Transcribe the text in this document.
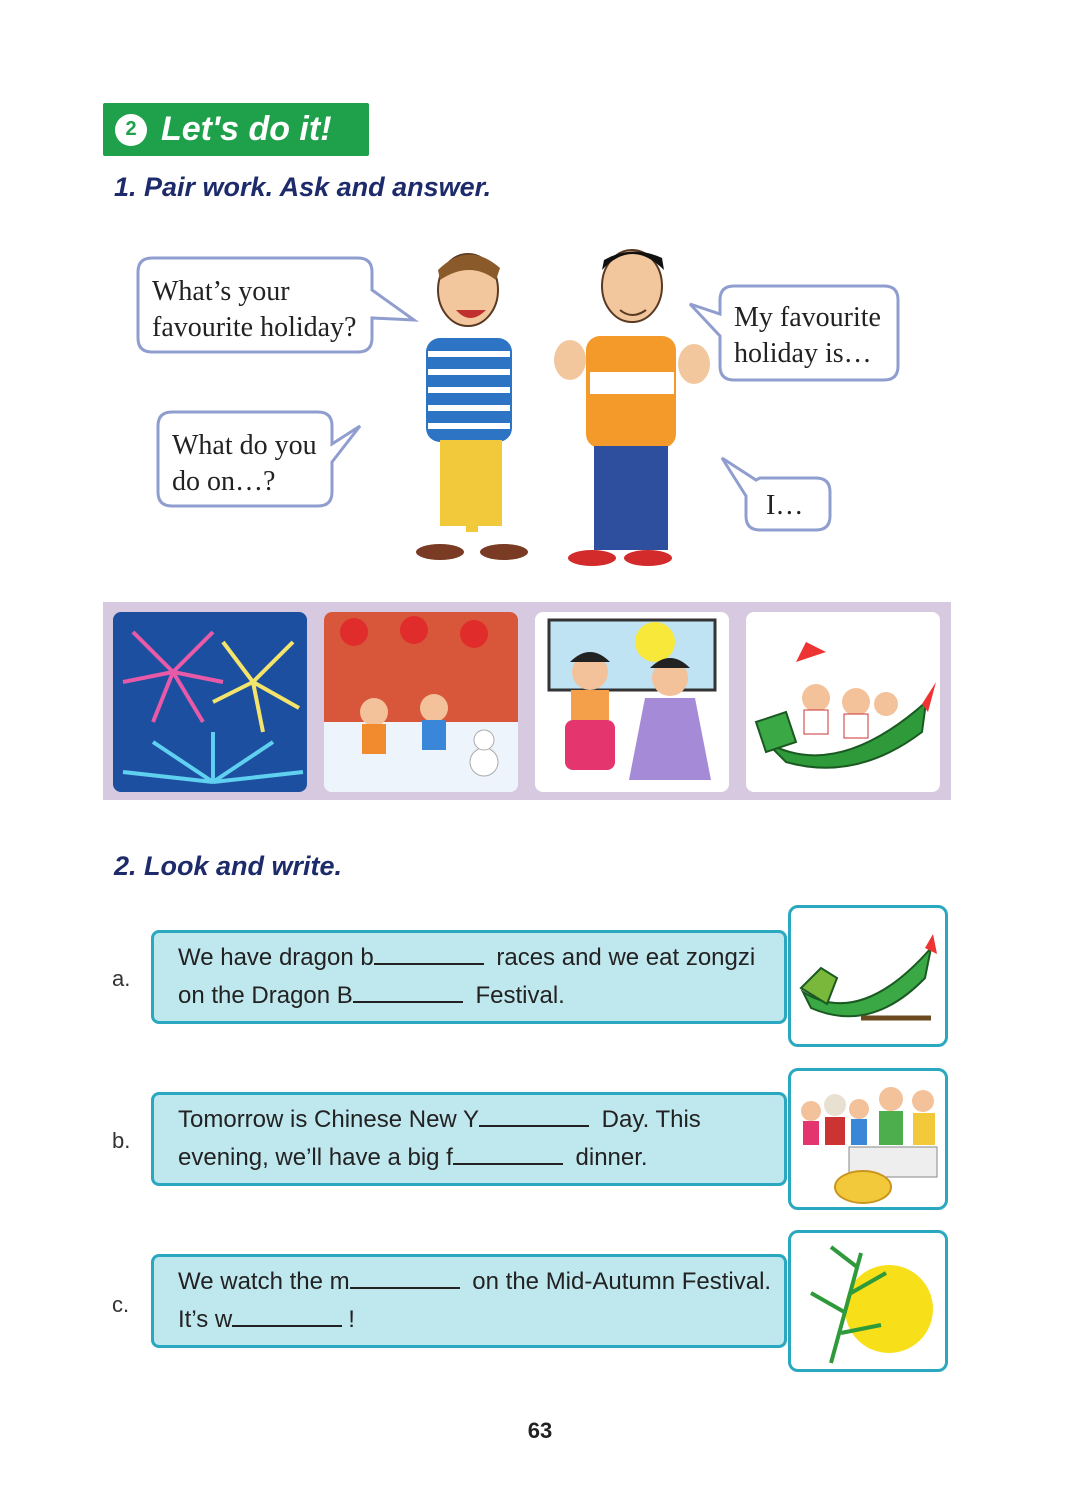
2 Let's do it!
1. Pair work. Ask and answer.
What’s your
favourite holiday?
What do you
do on…?
My favourite
holiday is…
I…
2. Look and write.
a.
We have dragon b	races and we eat zongzi
on the Dragon B	Festival.
b.
Tomorrow is Chinese New Y	Day. This
evening, we’ll have a big f	dinner.
c.
We watch the m	on the Mid-Autumn Festival.
It’s w	!
63
